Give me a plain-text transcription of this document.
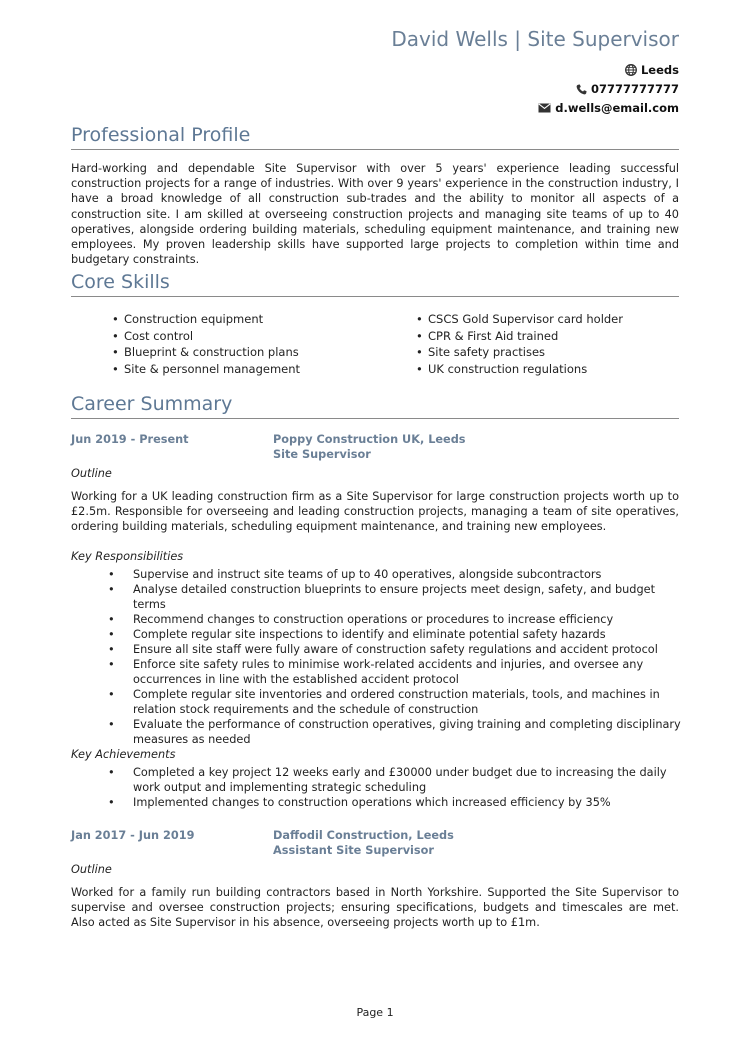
David Wells | Site Supervisor
Leeds
07777777777
d.wells@email.com
Professional Profile
Hard-working and dependable Site Supervisor with over 5 years' experience leading successful construction projects for a range of industries. With over 9 years' experience in the construction industry, I have a broad knowledge of all construction sub-trades and the ability to monitor all aspects of a construction site. I am skilled at overseeing construction projects and managing site teams of up to 40 operatives, alongside ordering building materials, scheduling equipment maintenance, and training new employees. My proven leadership skills have supported large projects to completion within time and budgetary constraints.
Core Skills
• Construction equipment
• Cost control
• Blueprint & construction plans
• Site & personnel management
• CSCS Gold Supervisor card holder
• CPR & First Aid trained
• Site safety practises
• UK construction regulations
Career Summary
Jun 2019 - Present	Poppy Construction UK, Leeds
Site Supervisor
Outline
Working for a UK leading construction firm as a Site Supervisor for large construction projects worth up to £2.5m. Responsible for overseeing and leading construction projects, managing a team of site operatives, ordering building materials, scheduling equipment maintenance, and training new employees.
Key Responsibilities
• Supervise and instruct site teams of up to 40 operatives, alongside subcontractors
• Analyse detailed construction blueprints to ensure projects meet design, safety, and budget terms
• Recommend changes to construction operations or procedures to increase efficiency
• Complete regular site inspections to identify and eliminate potential safety hazards
• Ensure all site staff were fully aware of construction safety regulations and accident protocol
• Enforce site safety rules to minimise work-related accidents and injuries, and oversee any occurrences in line with the established accident protocol
• Complete regular site inventories and ordered construction materials, tools, and machines in relation stock requirements and the schedule of construction
• Evaluate the performance of construction operatives, giving training and completing disciplinary measures as needed
Key Achievements
• Completed a key project 12 weeks early and £30000 under budget due to increasing the daily work output and implementing strategic scheduling
• Implemented changes to construction operations which increased efficiency by 35%
Jan 2017 - Jun 2019	Daffodil Construction, Leeds
Assistant Site Supervisor
Outline
Worked for a family run building contractors based in North Yorkshire. Supported the Site Supervisor to supervise and oversee construction projects; ensuring specifications, budgets and timescales are met. Also acted as Site Supervisor in his absence, overseeing projects worth up to £1m.
Page 1
